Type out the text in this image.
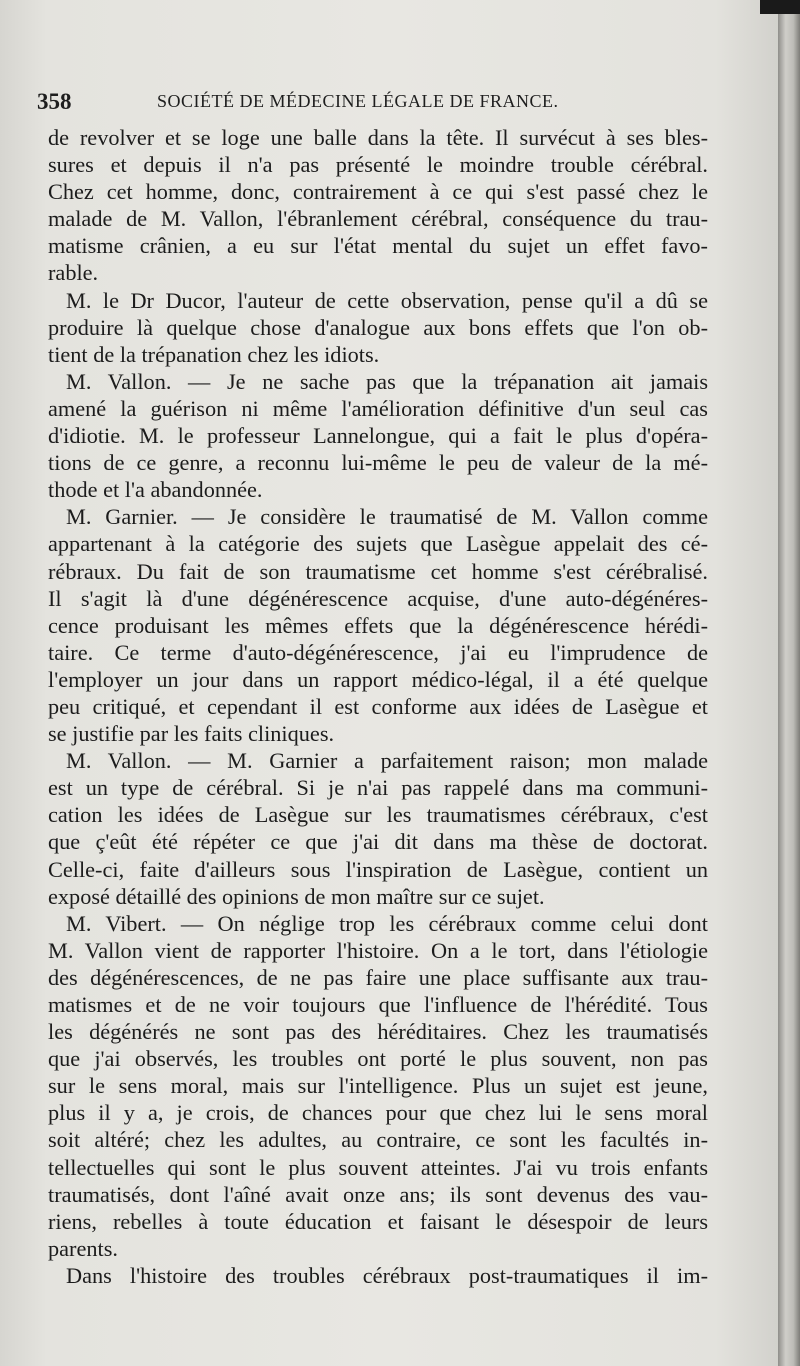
358	SOCIÉTÉ DE MÉDECINE LÉGALE DE FRANCE.
de revolver et se loge une balle dans la tête. Il survécut à ses bles-
sures et depuis il n'a pas présenté le moindre trouble cérébral.
Chez cet homme, donc, contrairement à ce qui s'est passé chez le
malade de M. Vallon, l'ébranlement cérébral, conséquence du trau-
matisme crânien, a eu sur l'état mental du sujet un effet favo-
rable.
M. le Dr Ducor, l'auteur de cette observation, pense qu'il a dû se
produire là quelque chose d'analogue aux bons effets que l'on ob-
tient de la trépanation chez les idiots.
M. Vallon. — Je ne sache pas que la trépanation ait jamais
amené la guérison ni même l'amélioration définitive d'un seul cas
d'idiotie. M. le professeur Lannelongue, qui a fait le plus d'opéra-
tions de ce genre, a reconnu lui-même le peu de valeur de la mé-
thode et l'a abandonnée.
M. Garnier. — Je considère le traumatisé de M. Vallon comme
appartenant à la catégorie des sujets que Lasègue appelait des cé-
rébraux. Du fait de son traumatisme cet homme s'est cérébralisé.
Il s'agit là d'une dégénérescence acquise, d'une auto-dégénéres-
cence produisant les mêmes effets que la dégénérescence hérédi-
taire. Ce terme d'auto-dégénérescence, j'ai eu l'imprudence de
l'employer un jour dans un rapport médico-légal, il a été quelque
peu critiqué, et cependant il est conforme aux idées de Lasègue et
se justifie par les faits cliniques.
M. Vallon. — M. Garnier a parfaitement raison; mon malade
est un type de cérébral. Si je n'ai pas rappelé dans ma communi-
cation les idées de Lasègue sur les traumatismes cérébraux, c'est
que ç'eût été répéter ce que j'ai dit dans ma thèse de doctorat.
Celle-ci, faite d'ailleurs sous l'inspiration de Lasègue, contient un
exposé détaillé des opinions de mon maître sur ce sujet.
M. Vibert. — On néglige trop les cérébraux comme celui dont
M. Vallon vient de rapporter l'histoire. On a le tort, dans l'étiologie
des dégénérescences, de ne pas faire une place suffisante aux trau-
matismes et de ne voir toujours que l'influence de l'hérédité. Tous
les dégénérés ne sont pas des héréditaires. Chez les traumatisés
que j'ai observés, les troubles ont porté le plus souvent, non pas
sur le sens moral, mais sur l'intelligence. Plus un sujet est jeune,
plus il y a, je crois, de chances pour que chez lui le sens moral
soit altéré; chez les adultes, au contraire, ce sont les facultés in-
tellectuelles qui sont le plus souvent atteintes. J'ai vu trois enfants
traumatisés, dont l'aîné avait onze ans; ils sont devenus des vau-
riens, rebelles à toute éducation et faisant le désespoir de leurs
parents.
Dans l'histoire des troubles cérébraux post-traumatiques il im-
